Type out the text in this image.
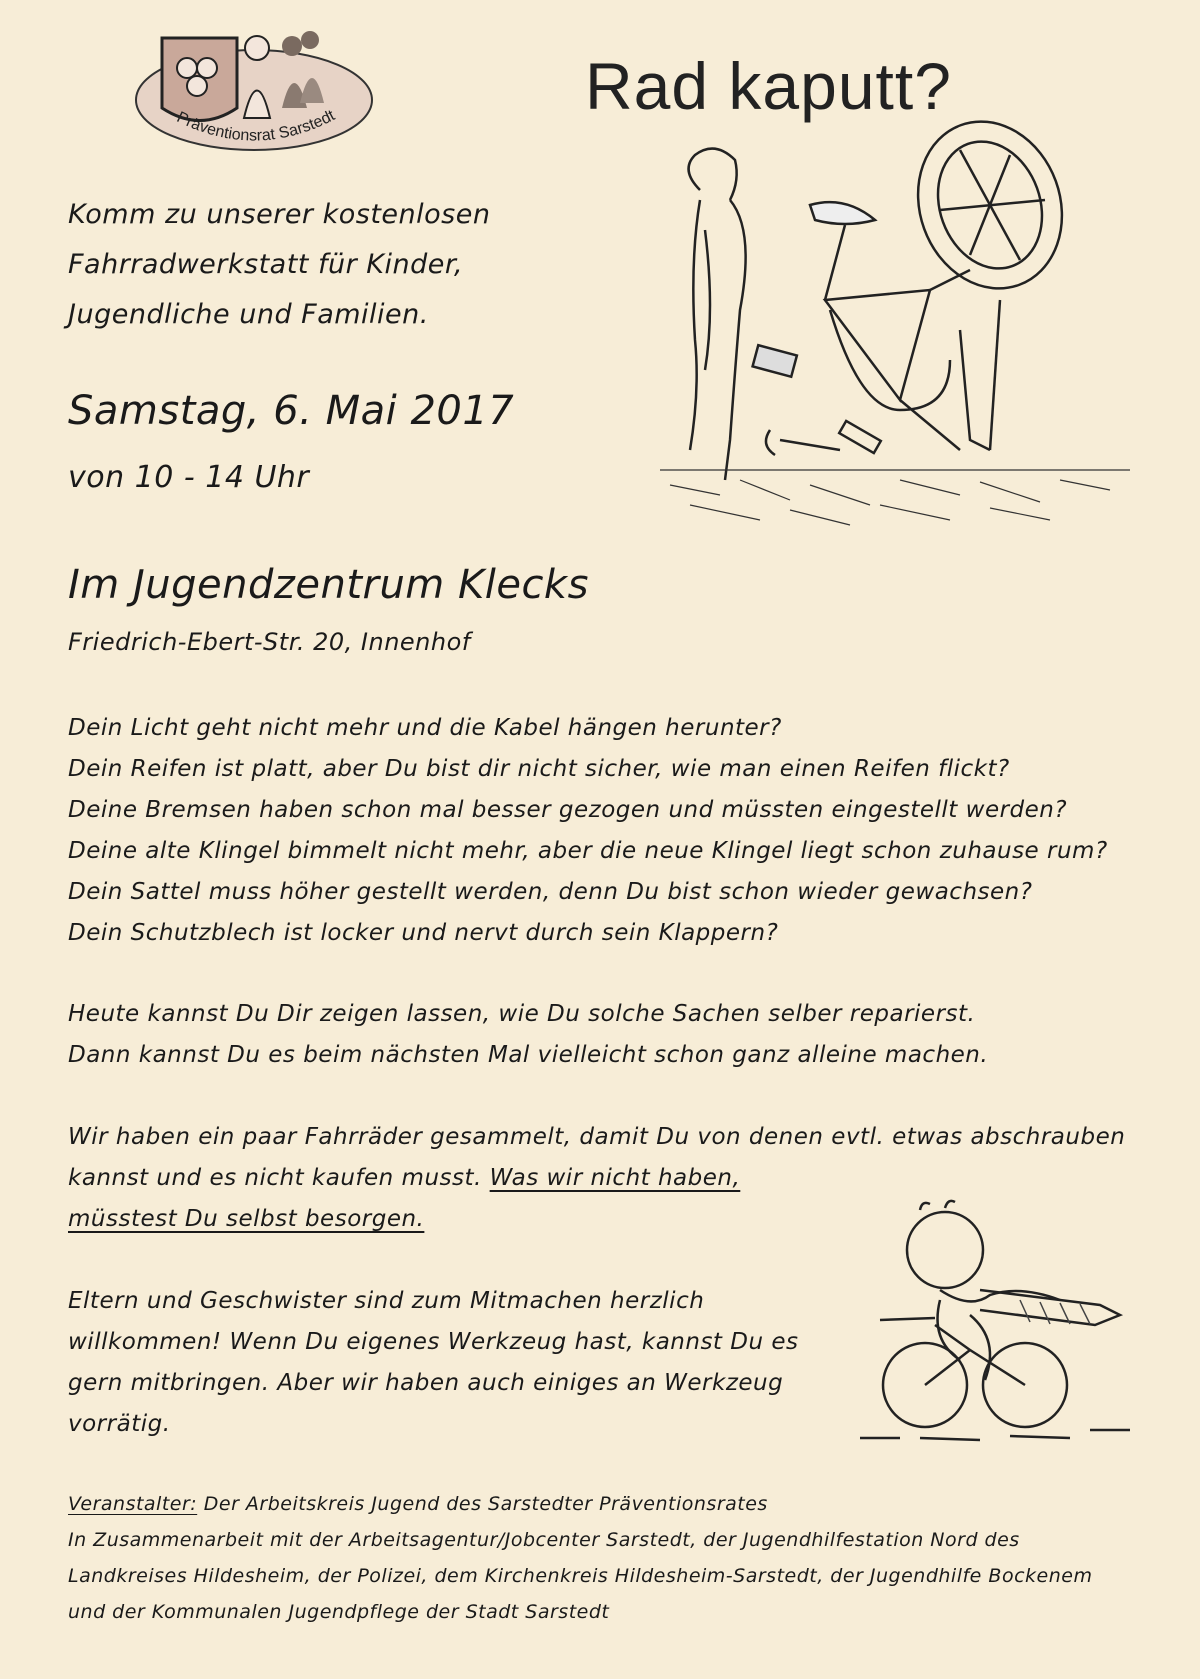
Präventionsrat Sarstedt	Rad kaputt?
Komm zu unserer kostenlosen
Fahrradwerkstatt für Kinder,
Jugendliche und Familien.
Samstag, 6. Mai 2017
von 10 - 14 Uhr
Im Jugendzentrum Klecks
Friedrich-Ebert-Str. 20, Innenhof
Dein Licht geht nicht mehr und die Kabel hängen herunter?
Dein Reifen ist platt, aber Du bist dir nicht sicher, wie man einen Reifen flickt?
Deine Bremsen haben schon mal besser gezogen und müssten eingestellt werden?
Deine alte Klingel bimmelt nicht mehr, aber die neue Klingel liegt schon zuhause rum?
Dein Sattel muss höher gestellt werden, denn Du bist schon wieder gewachsen?
Dein Schutzblech ist locker und nervt durch sein Klappern?
Heute kannst Du Dir zeigen lassen, wie Du solche Sachen selber reparierst.
Dann kannst Du es beim nächsten Mal vielleicht schon ganz alleine machen.
Wir haben ein paar Fahrräder gesammelt, damit Du von denen evtl. etwas abschrauben
kannst und es nicht kaufen musst. Was wir nicht haben,
müsstest Du selbst besorgen.
Eltern und Geschwister sind zum Mitmachen herzlich willkommen! Wenn Du eigenes Werkzeug hast, kannst Du es gern mitbringen. Aber wir haben auch einiges an Werkzeug vorrätig.
Veranstalter: Der Arbeitskreis Jugend des Sarstedter Präventionsrates
In Zusammenarbeit mit der Arbeitsagentur/Jobcenter Sarstedt, der Jugendhilfestation Nord des Landkreises Hildesheim, der Polizei, dem Kirchenkreis Hildesheim-Sarstedt, der Jugendhilfe Bockenem und der Kommunalen Jugendpflege der Stadt Sarstedt
